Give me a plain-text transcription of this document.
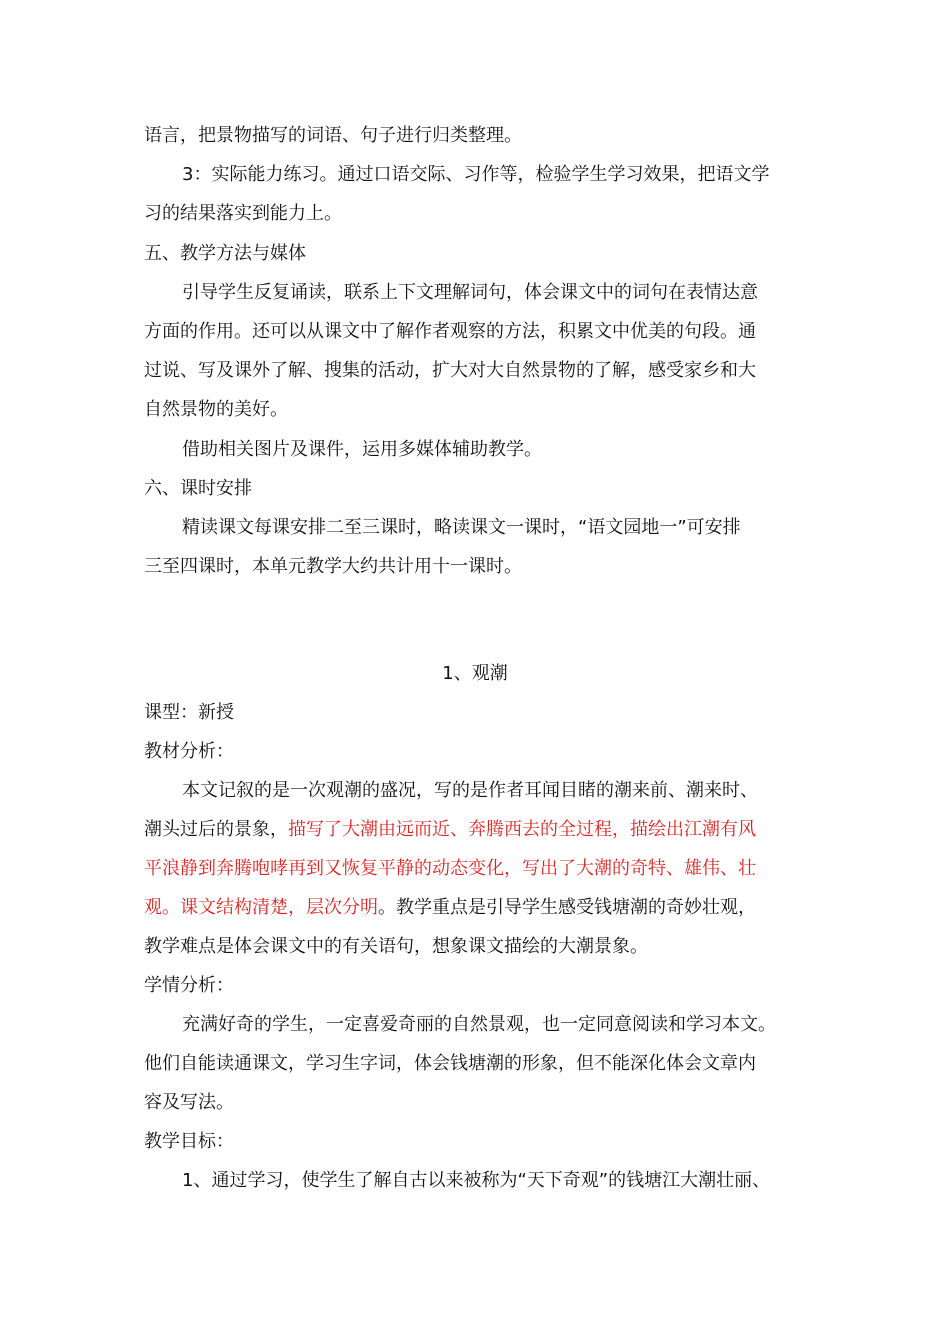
语言，把景物描写的词语、句子进行归类整理。
3：实际能力练习。通过口语交际、习作等，检验学生学习效果，把语文学
习的结果落实到能力上。
五、教学方法与媒体
引导学生反复诵读，联系上下文理解词句，体会课文中的词句在表情达意
方面的作用。还可以从课文中了解作者观察的方法，积累文中优美的句段。通
过说、写及课外了解、搜集的活动，扩大对大自然景物的了解，感受家乡和大
自然景物的美好。
借助相关图片及课件，运用多媒体辅助教学。
六、课时安排
精读课文每课安排二至三课时，略读课文一课时，“语文园地一”可安排
三至四课时，本单元教学大约共计用十一课时。
1、观潮
课型：新授
教材分析：
本文记叙的是一次观潮的盛况，写的是作者耳闻目睹的潮来前、潮来时、
潮头过后的景象，描写了大潮由远而近、奔腾西去的全过程，描绘出江潮有风
平浪静到奔腾咆哮再到又恢复平静的动态变化，写出了大潮的奇特、雄伟、壮
观。课文结构清楚，层次分明。教学重点是引导学生感受钱塘潮的奇妙壮观，
教学难点是体会课文中的有关语句，想象课文描绘的大潮景象。
学情分析：
充满好奇的学生，一定喜爱奇丽的自然景观，也一定同意阅读和学习本文。
他们自能读通课文，学习生字词，体会钱塘潮的形象，但不能深化体会文章内
容及写法。
教学目标：
1、通过学习，使学生了解自古以来被称为“天下奇观”的钱塘江大潮壮丽、
